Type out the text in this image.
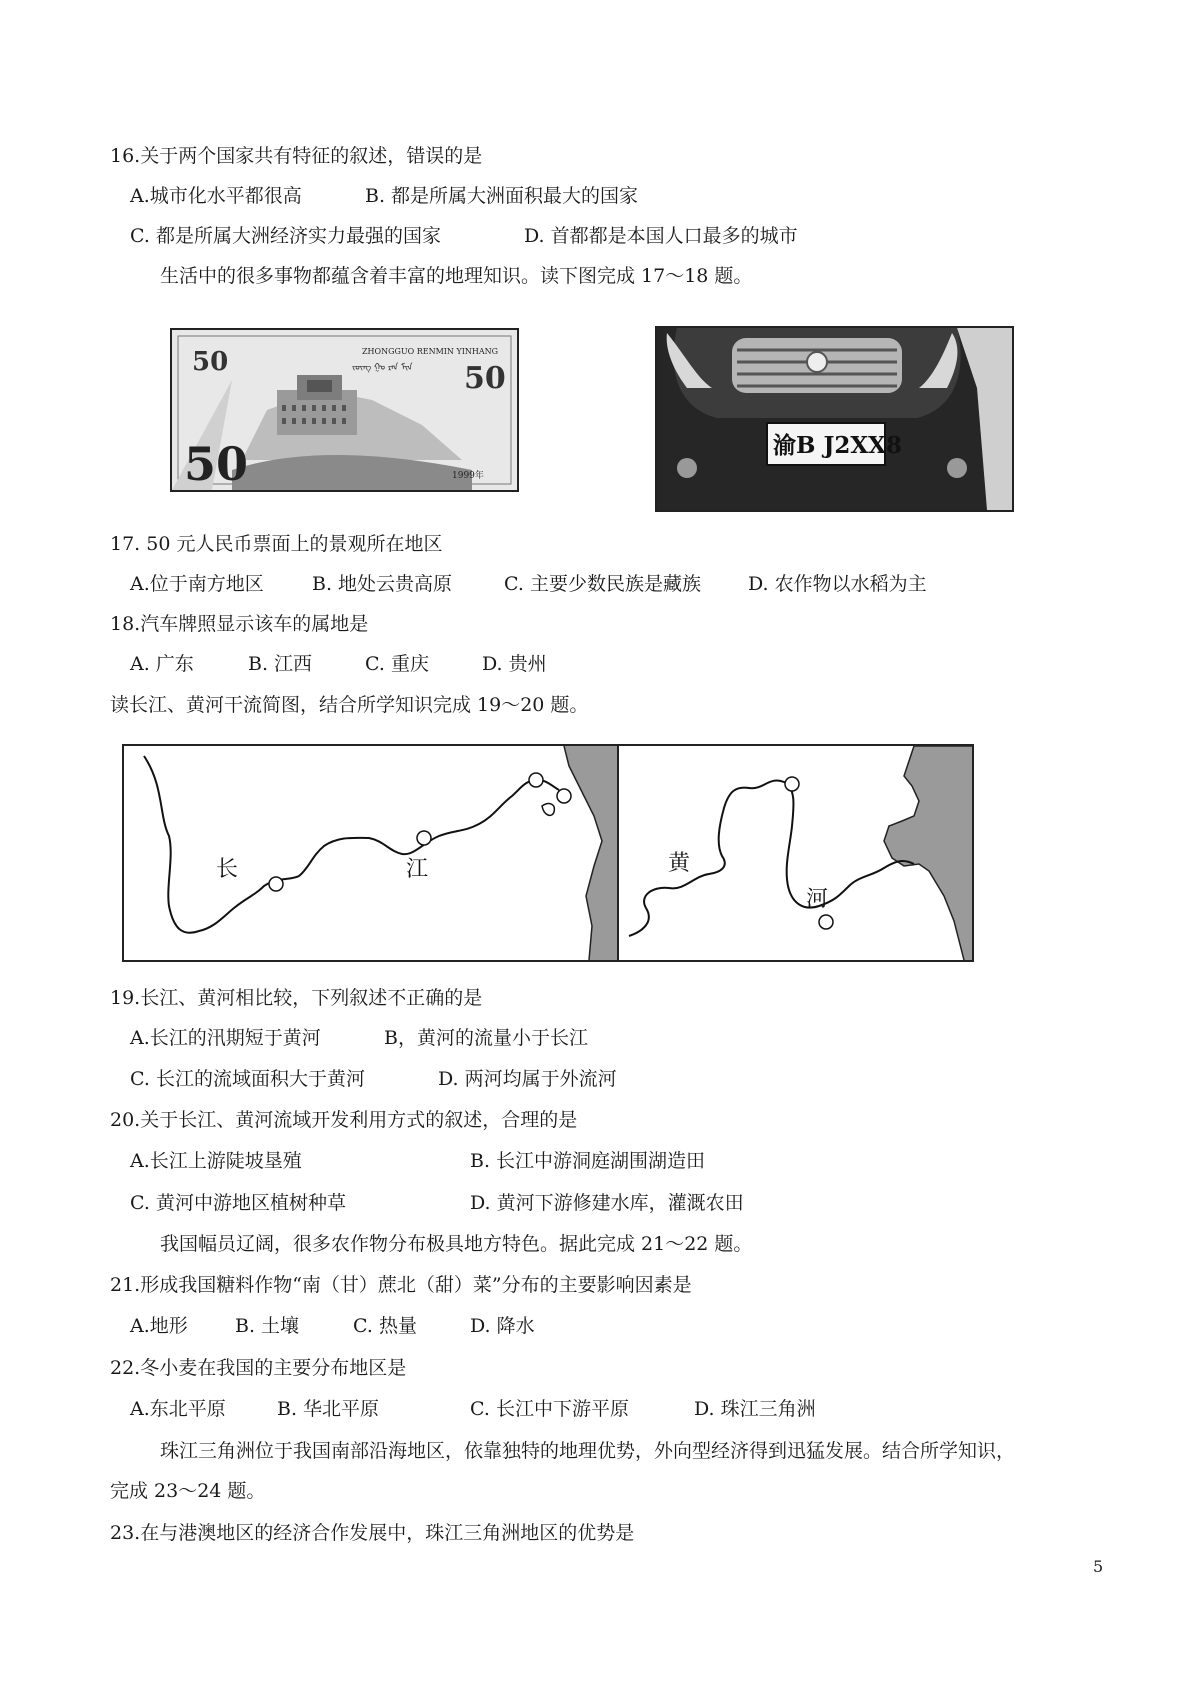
16.关于两个国家共有特征的叙述，错误的是
A.城市化水平都很高	B. 都是所属大洲面积最大的国家
C. 都是所属大洲经济实力最强的国家	D. 首都都是本国人口最多的城市
生活中的很多事物都蕴含着丰富的地理知识。读下图完成 17～18 题。
50	ZHONGGUO RENMIN YINHANG
ᠵᠦᠩ ᠭᠣ ᠷᠡᠨ ᠮᠢᠨ 50
50	1999年
渝B J2XX8
17. 50 元人民币票面上的景观所在地区
A.位于南方地区	B. 地处云贵高原	C. 主要少数民族是藏族 D. 农作物以水稻为主
18.汽车牌照显示该车的属地是
A. 广东	B. 江西	C. 重庆	D. 贵州
读长江、黄河干流简图，结合所学知识完成 19～20 题。
长	江	黄
河
19.长江、黄河相比较，下列叙述不正确的是
A.长江的汛期短于黄河	B，黄河的流量小于长江
C. 长江的流域面积大于黄河	D. 两河均属于外流河
20.关于长江、黄河流域开发利用方式的叙述，合理的是
A.长江上游陡坡垦殖	B. 长江中游洞庭湖围湖造田
C. 黄河中游地区植树种草	D. 黄河下游修建水库，灌溉农田
我国幅员辽阔，很多农作物分布极具地方特色。据此完成 21～22 题。
21.形成我国糖料作物“南（甘）蔗北（甜）菜”分布的主要影响因素是
A.地形 B. 土壤	C. 热量	D. 降水
22.冬小麦在我国的主要分布地区是
A.东北平原	B. 华北平原	C. 长江中下游平原	D. 珠江三角洲
珠江三角洲位于我国南部沿海地区，依靠独特的地理优势，外向型经济得到迅猛发展。结合所学知识，
完成 23～24 题。
23.在与港澳地区的经济合作发展中，珠江三角洲地区的优势是
5
